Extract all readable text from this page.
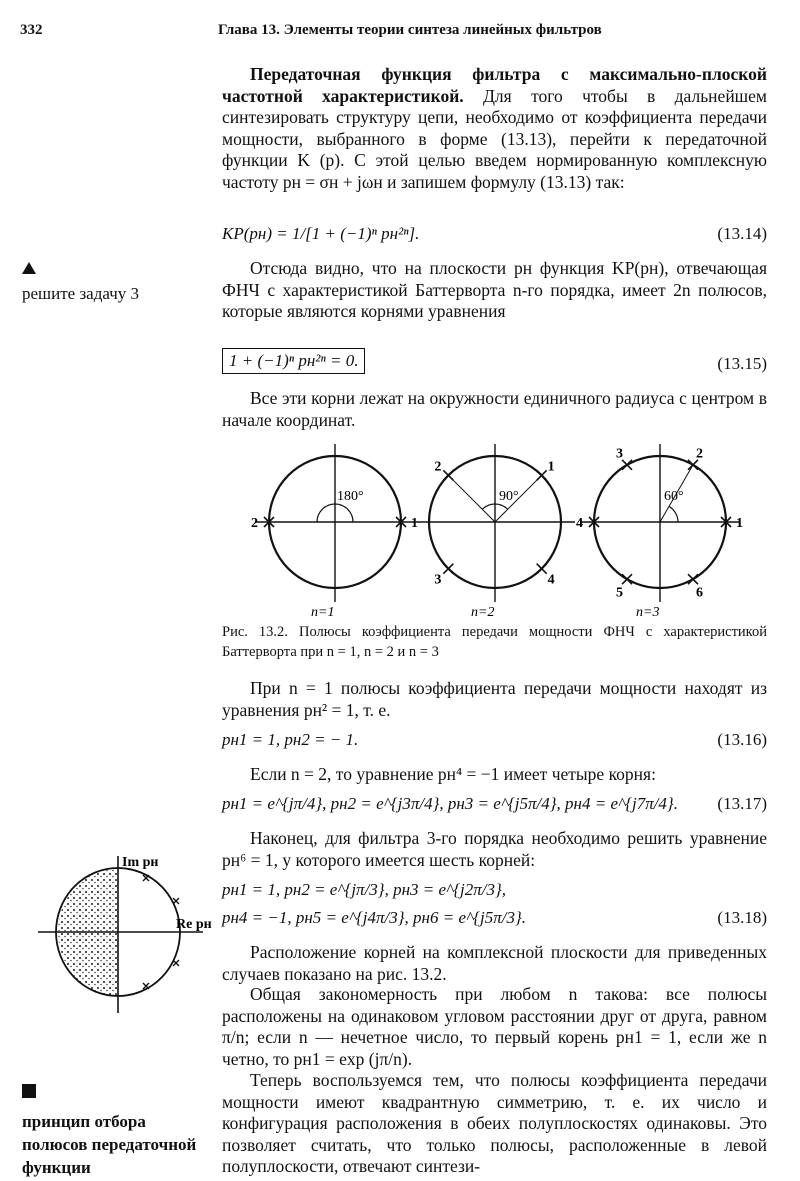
332	Глава 13. Элементы теории синтеза линейных фильтров
Передаточная функция фильтра с максимально-плоской частотной характеристикой. Для того чтобы в дальнейшем синтезировать структуру цепи, необходимо от коэффициента передачи мощности, выбранного в форме (13.13), перейти к передаточной функции K (p). С этой целью введем нормированную комплексную частоту pн = σн + jωн и запишем формулу (13.13) так:
KP(pн) = 1/[1 + (−1)ⁿ pн²ⁿ].	(13.14)
решите задачу 3
Отсюда видно, что на плоскости pн функция KP(pн), отвечающая ФНЧ с характеристикой Баттерворта n-го порядка, имеет 2n полюсов, которые являются корнями уравнения
1 + (−1)ⁿ pн²ⁿ = 0.	(13.15)
Все эти корни лежат на окружности единичного радиуса с центром в начале координат.
180°
1
2
n=1
90°
1
2
3	4
n=2
60°
1
2
3
4
5	6
n=3
Рис. 13.2. Полюсы коэффициента передачи мощности ФНЧ с характеристикой Баттерворта при n = 1, n = 2 и n = 3
При n = 1 полюсы коэффициента передачи мощности находят из уравнения pн² = 1, т. е.
pн1 = 1, pн2 = − 1.	(13.16)
Если n = 2, то уравнение pн⁴ = −1 имеет четыре корня:
pн1 = e^{jπ/4}, pн2 = e^{j3π/4}, pн3 = e^{j5π/4}, pн4 = e^{j7π/4}. (13.17)
Наконец, для фильтра 3-го порядка необходимо решить уравнение pн⁶ = 1, у которого имеется шесть корней:
pн1 = 1, pн2 = e^{jπ/3}, pн3 = e^{j2π/3},
pн4 = −1, pн5 = e^{j4π/3}, pн6 = e^{j5π/3}.	(13.18)
Im pн
Re pн
Расположение корней на комплексной плоскости для приведенных случаев показано на рис. 13.2.
Общая закономерность при любом n такова: все полюсы расположены на одинаковом угловом расстоянии друг от друга, равном π/n; если n — нечетное число, то первый корень pн1 = 1, если же n четно, то pн1 = exp (jπ/n).
принцип отбора полюсов передаточной функции
Теперь воспользуемся тем, что полюсы коэффициента передачи мощности имеют квадрантную симметрию, т. е. их число и конфигурация расположения в обеих полуплоскостях одинаковы. Это позволяет считать, что только полюсы, расположенные в левой полуплоскости, отвечают синтези-
